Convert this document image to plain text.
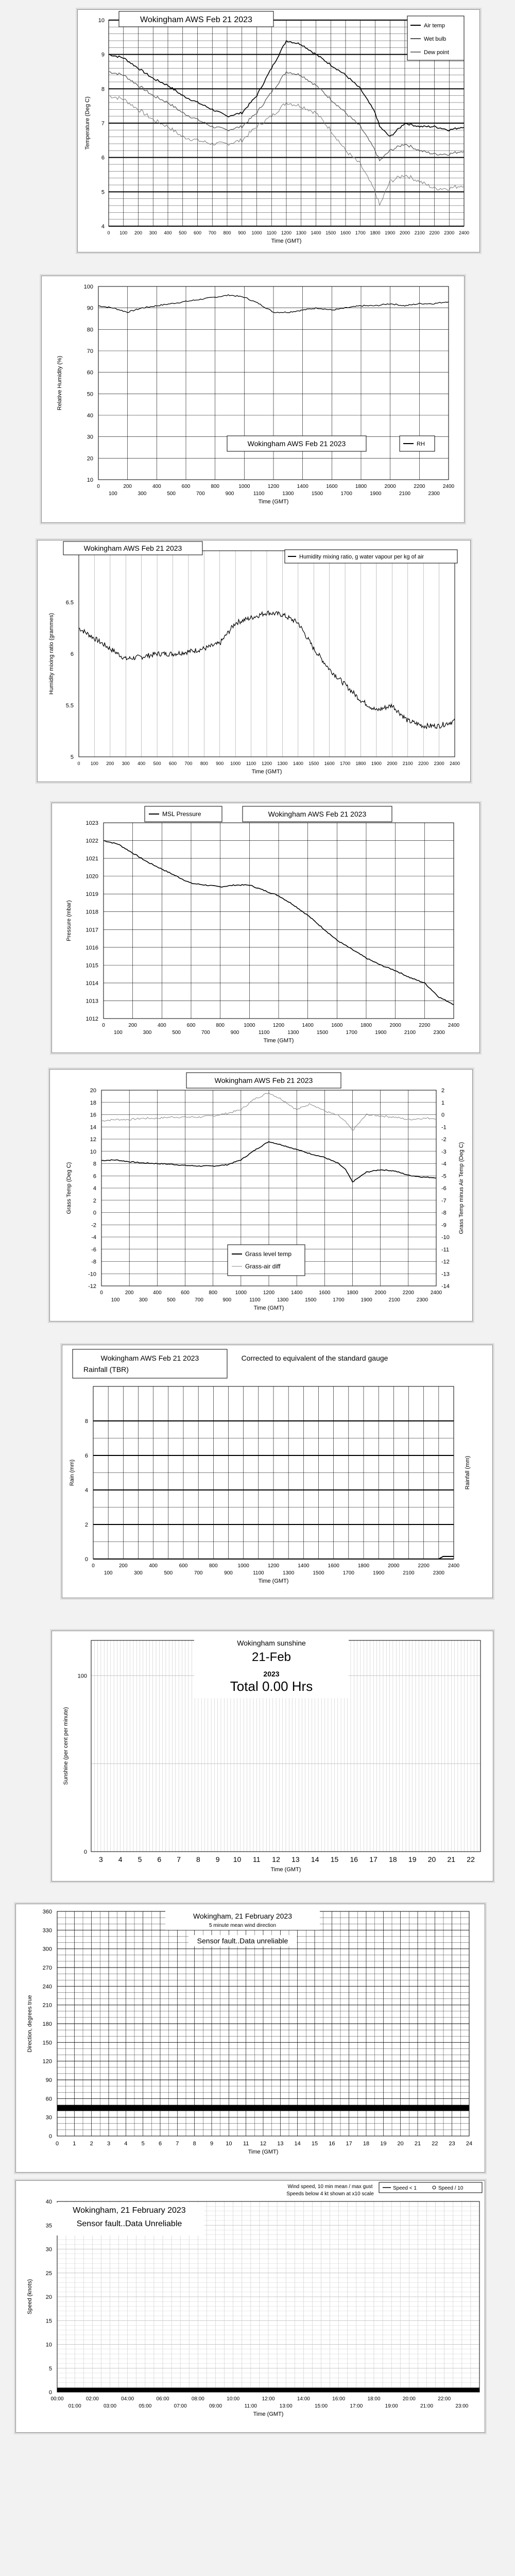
4
5
6
7
8
9
10
0 100 200 300 400 500 600 700 800 900 1000 1100 1200 1300 1400 1500 1600 1700 1800 1900 2000 2100 2200 2300 2400
Time (GMT)
Temperature (Deg C)
Wokingham AWS Feb 21 2023
Air temp
Wet bulb
Dew point
10
20
30
40
50
60
70
80
90
100
0	200	400	600	800	1000	1200	1400	1600	1800	2000	2200	2400
100	300	500	700	900	1100	1300	1500	1700	1900	2100	2300
Time (GMT)
Relative Humidity (%)
Wokingham AWS Feb 21 2023	RH
5
5.5
6
6.5
0 100 200 300 400 500 600 700 800 900 1000 1100 1200 1300 1400 1500 1600 1700 1800 1900 2000 2100 2200 2300 2400
Time (GMT)
Humidity mixing ratio (grammes)
Wokingham AWS Feb 21 2023
Humidity mixing ratio, g water vapour per kg of air
1012
1013
1014
1015
1016
1017
1018
1019
1020
1021
1022
1023
0	200	400	600	800	1000	1200	1400	1600	1800	2000	2200	2400
100	300	500	700	900	1100	1300	1500	1700	1900	2100	2300
Time (GMT)
Pressure (mbar)
Wokingham AWS Feb 21 2023
MSL Pressure
-12
-10
-8
-6
-4
-2
0
2
4
6
8
10
12
14
16
18
20
-14
-13
-12
-11
-10
-9
-8
-7
-6
-5
-4
-3
-2
-1
0
1
2
0	200	400	600	800	1000	1200	1400	1600	1800	2000	2200	2400
100	300	500	700	900	1100	1300	1500	1700	1900	2100	2300
Time (GMT)
Grass Temp (Deg C)	Grass Temp minus Air Temp (Deg C)
Wokingham AWS Feb 21 2023
Grass level temp
Grass-air diff
0
2
4
6
8
0	200	400	600	800	1000	1200	1400	1600	1800	2000	2200	2400
100	300	500	700	900	1100	1300	1500	1700	1900	2100	2300
Time (GMT)
Rain (mm)	Rainfall (mm)
Wokingham AWS Feb 21 2023
Rainfall (TBR)
Corrected to equivalent of the standard gauge
0
100
3 4 5 6 7 8 9 10 11 12 13 14 15 16 17 18 19 20 21 22
Time (GMT)
Sunshine (per cent per minute)
Wokingham sunshine
21-Feb
2023
Total 0.00 Hrs
0
30
60
90
120
150
180
210
240
270
300
330
360
0 1 2 3 4 5 6 7 8 9 10 11 12 13 14 15 16 17 18 19 20 21 22 23 24
Time (GMT)
Direction, degrees true
Wokingham, 21 February 2023
5 minute mean wind direction
Sensor fault..Data unreliable
0
5
10
15
20
25
30
35
40
00:00	02:00	04:00	06:00	08:00	10:00	12:00	14:00	16:00	18:00	20:00	22:00
01:00	03:00	05:00	07:00	09:00	11:00	13:00	15:00	17:00	19:00	21:00	23:00
Time (GMT)
Speed (knots)
Wind speed, 10 min mean / max gust
Speeds below 4 kt shown at x10 scale
Speed < 1	Speed / 10
Wokingham, 21 February 2023
Sensor fault..Data Unreliable
